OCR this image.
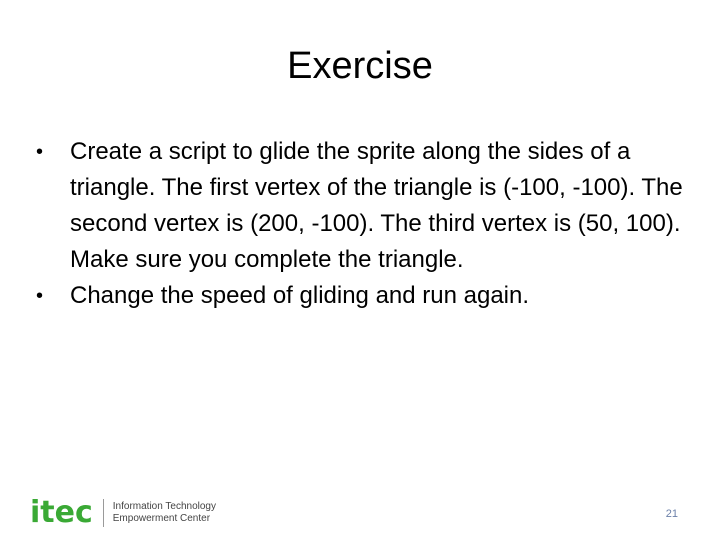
Exercise
•	Create a script to glide the sprite along the sides of a triangle. The first vertex of the triangle is (-100, -100). The second vertex is (200, -100). The third vertex is (50, 100). Make sure you complete the triangle.
•	Change the speed of gliding and run again.
itec Information Technology
Empowerment Center	21
